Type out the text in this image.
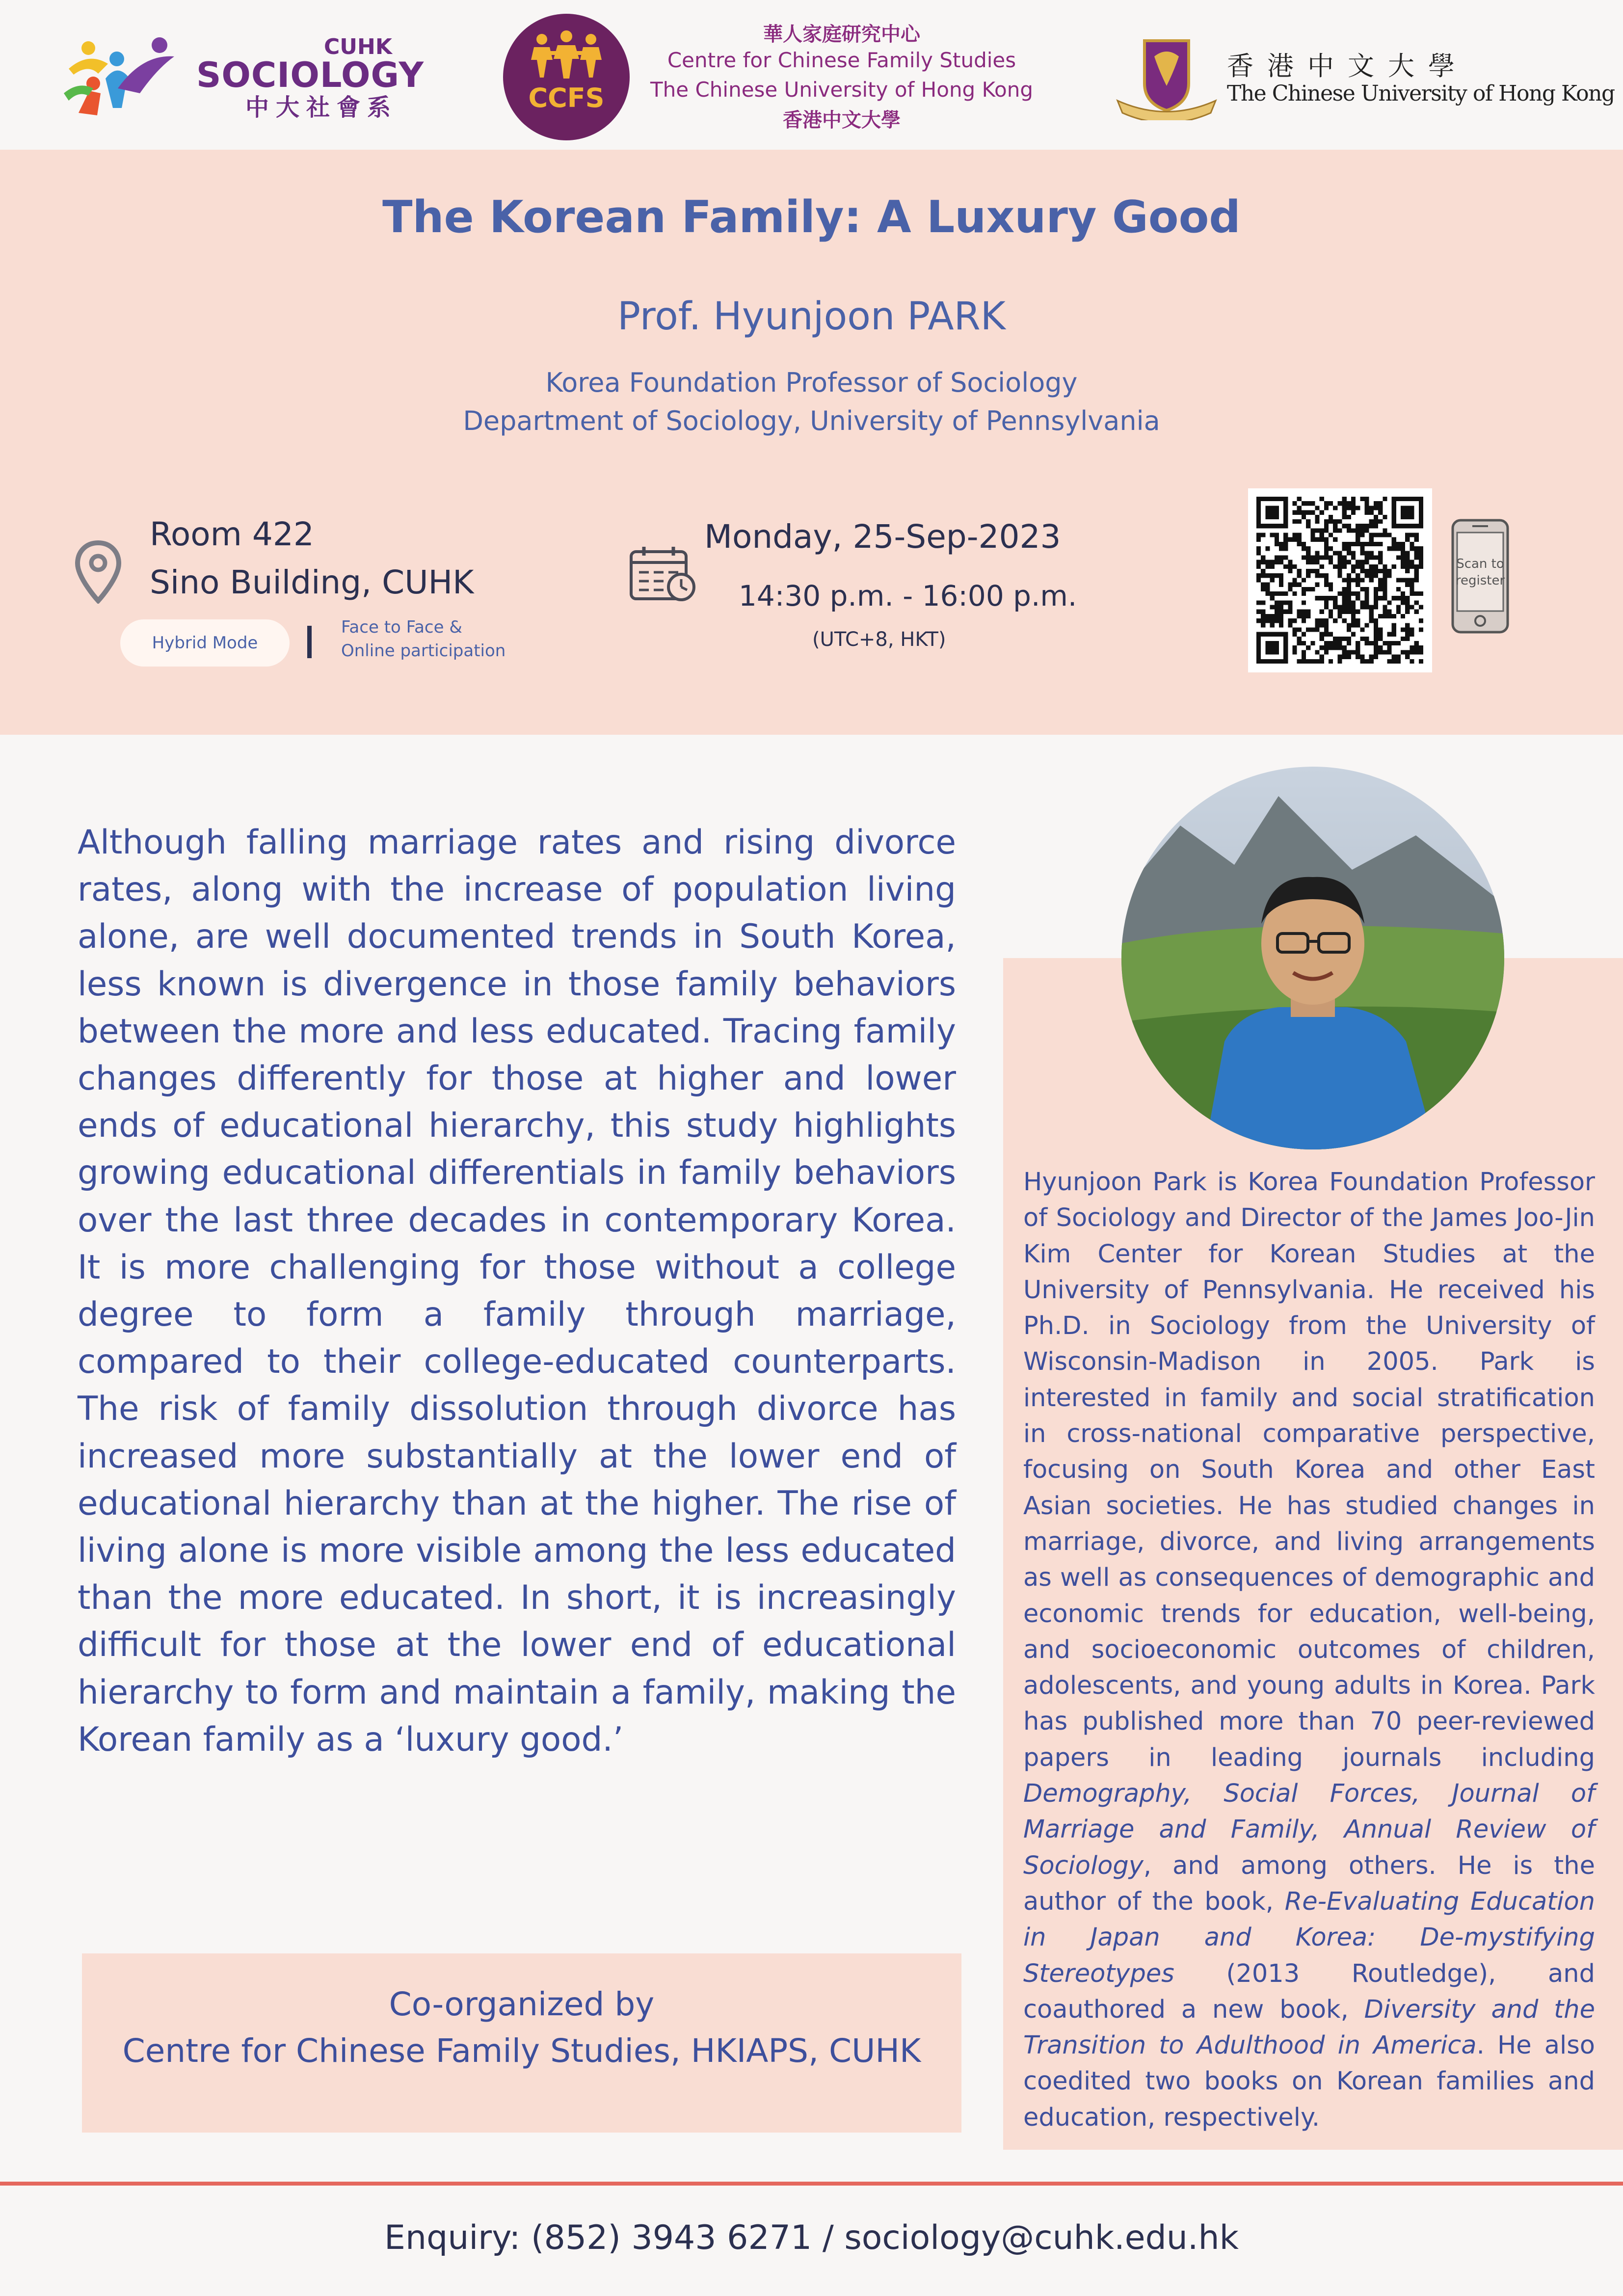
CUHK
SOCIOLOGY
中大社會系	CCFS
華人家庭研究中心
Centre for Chinese Family Studies
The Chinese University of Hong Kong
香港中文大學
香港中文大學
The Chinese University of Hong Kong
The Korean Family: A Luxury Good
Prof. Hyunjoon PARK
Korea Foundation Professor of Sociology
Department of Sociology, University of Pennsylvania
Room 422
Sino Building, CUHK
Hybrid Mode
Face to Face &
Online participation
Monday, 25-Sep-2023
14:30 p.m. - 16:00 p.m.
(UTC+8, HKT)
Scan to
register
Although falling marriage rates and rising divorce rates, along with the increase of population living alone, are well documented trends in South Korea, less known is divergence in those family behaviors between the more and less educated. Tracing family changes differently for those at higher and lower ends of educational hierarchy, this study highlights growing educational differentials in family behaviors over the last three decades in contemporary Korea. It is more challenging for those without a college degree to form a family through marriage, compared to their college-educated counterparts. The risk of family dissolution through divorce has increased more substantially at the lower end of educational hierarchy than at the higher. The rise of living alone is more visible among the less educated than the more educated. In short, it is increasingly difficult for those at the lower end of educational hierarchy to form and maintain a family, making the Korean family as a ‘luxury good.’
Co-organized by
Centre for Chinese Family Studies, HKIAPS, CUHK
Hyunjoon Park is Korea Foundation Professor of Sociology and Director of the James Joo-Jin Kim Center for Korean Studies at the University of Pennsylvania. He received his Ph.D. in Sociology from the University of Wisconsin-Madison in 2005. Park is interested in family and social stratification in cross-national comparative perspective, focusing on South Korea and other East Asian societies. He has studied changes in marriage, divorce, and living arrangements as well as consequences of demographic and economic trends for education, well-being, and socioeconomic outcomes of children, adolescents, and young adults in Korea. Park has published more than 70 peer-reviewed papers in leading journals including Demography, Social Forces, Journal of Marriage and Family, Annual Review of Sociology, and among others. He is the author of the book, Re-Evaluating Education in Japan and Korea: De-mystifying Stereotypes (2013 Routledge), and coauthored a new book, Diversity and the Transition to Adulthood in America. He also coedited two books on Korean families and education, respectively.
Enquiry: (852) 3943 6271 / sociology@cuhk.edu.hk
